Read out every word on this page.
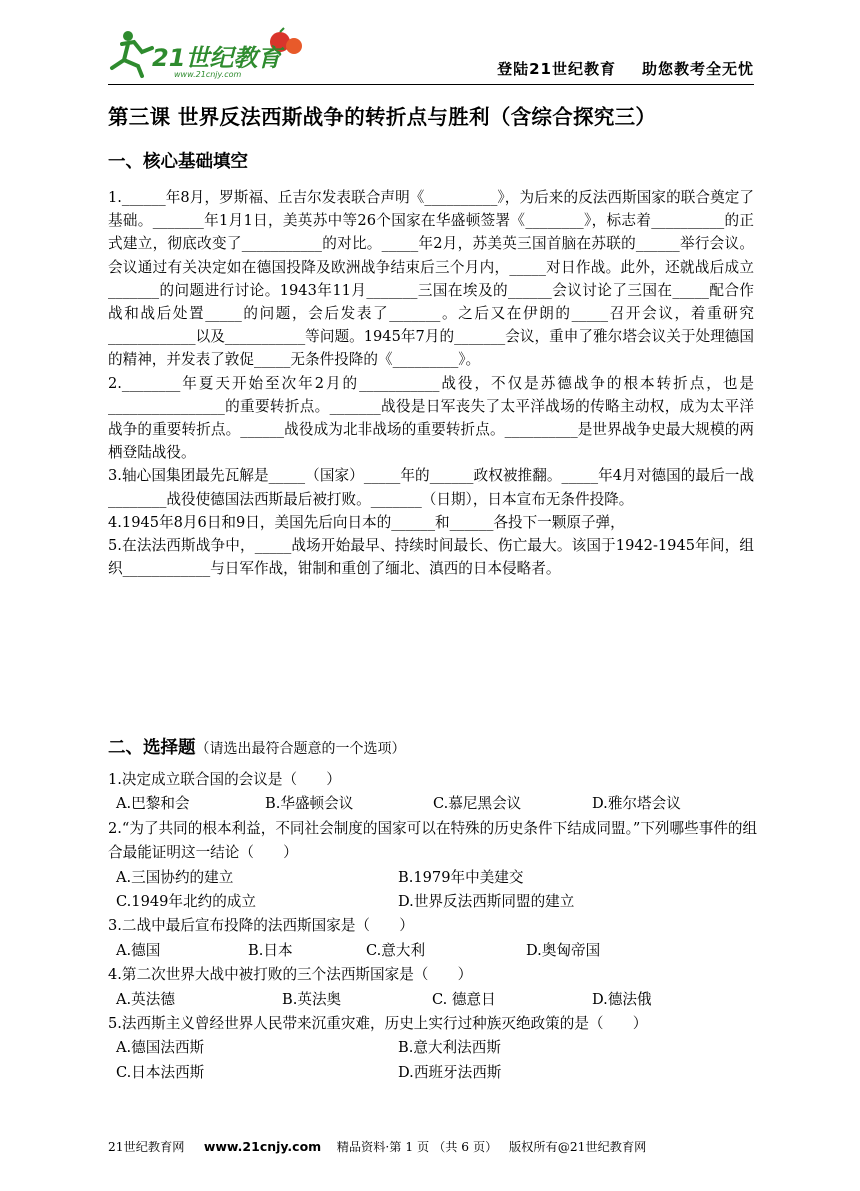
21世纪教育
www.21cnjy.com	登陆21世纪教育 助您教考全无忧
第三课 世界反法西斯战争的转折点与胜利（含综合探究三）
一、核心基础填空

1.______年8月，罗斯福、丘吉尔发表联合声明《__________》，为后来的反法西斯国家的联合奠定了基础。_______年1月1日，美英苏中等26个国家在华盛顿签署《________》，标志着__________的正式建立，彻底改变了___________的对比。_____年2月，苏美英三国首脑在苏联的______举行会议。会议通过有关决定如在德国投降及欧洲战争结束后三个月内，_____对日作战。此外，还就战后成立_______的问题进行讨论。1943年11月_______三国在埃及的______会议讨论了三国在_____配合作战和战后处置_____的问题，会后发表了_______。之后又在伊朗的_____召开会议，着重研究____________以及___________等问题。1945年7月的_______会议，重申了雅尔塔会议关于处理德国的精神，并发表了敦促_____无条件投降的《_________》。

2.________年夏天开始至次年2月的___________战役，不仅是苏德战争的根本转折点，也是________________的重要转折点。_______战役是日军丧失了太平洋战场的传略主动权，成为太平洋战争的重要转折点。______战役成为北非战场的重要转折点。__________是世界战争史最大规模的两栖登陆战役。

3.轴心国集团最先瓦解是_____（国家）_____年的______政权被推翻。_____年4月对德国的最后一战________战役使德国法西斯最后被打败。_______（日期），日本宣布无条件投降。

4.1945年8月6日和9日，美国先后向日本的______和______各投下一颗原子弹，

5.在法法西斯战争中，_____战场开始最早、持续时间最长、伤亡最大。该国于1942-1945年间，组织____________与日军作战，钳制和重创了缅北、滇西的日本侵略者。

二、选择题（请选出最符合题意的一个选项）
1.决定成立联合国的会议是（　　）
A.巴黎和会	B.华盛顿会议	C.慕尼黑会议	D.雅尔塔会议
2.“为了共同的根本利益，不同社会制度的国家可以在特殊的历史条件下结成同盟。”下列哪些事件的组合最能证明这一结论（　　）
A.三国协约的建立	B.1979年中美建交
C.1949年北约的成立	D.世界反法西斯同盟的建立
3.二战中最后宣布投降的法西斯国家是（　　）
A.德国	B.日本	C.意大利	D.奥匈帝国
4.第二次世界大战中被打败的三个法西斯国家是（　　）
A.英法德	B.英法奥	C. 德意日	D.德法俄
5.法西斯主义曾经世界人民带来沉重灾难，历史上实行过种族灭绝政策的是（　　）
A.德国法西斯	B.意大利法西斯
C.日本法西斯	D.西班牙法西斯
21世纪教育网 www.21cnjy.com 精品资料·第 1 页 （共 6 页） 版权所有@21世纪教育网
